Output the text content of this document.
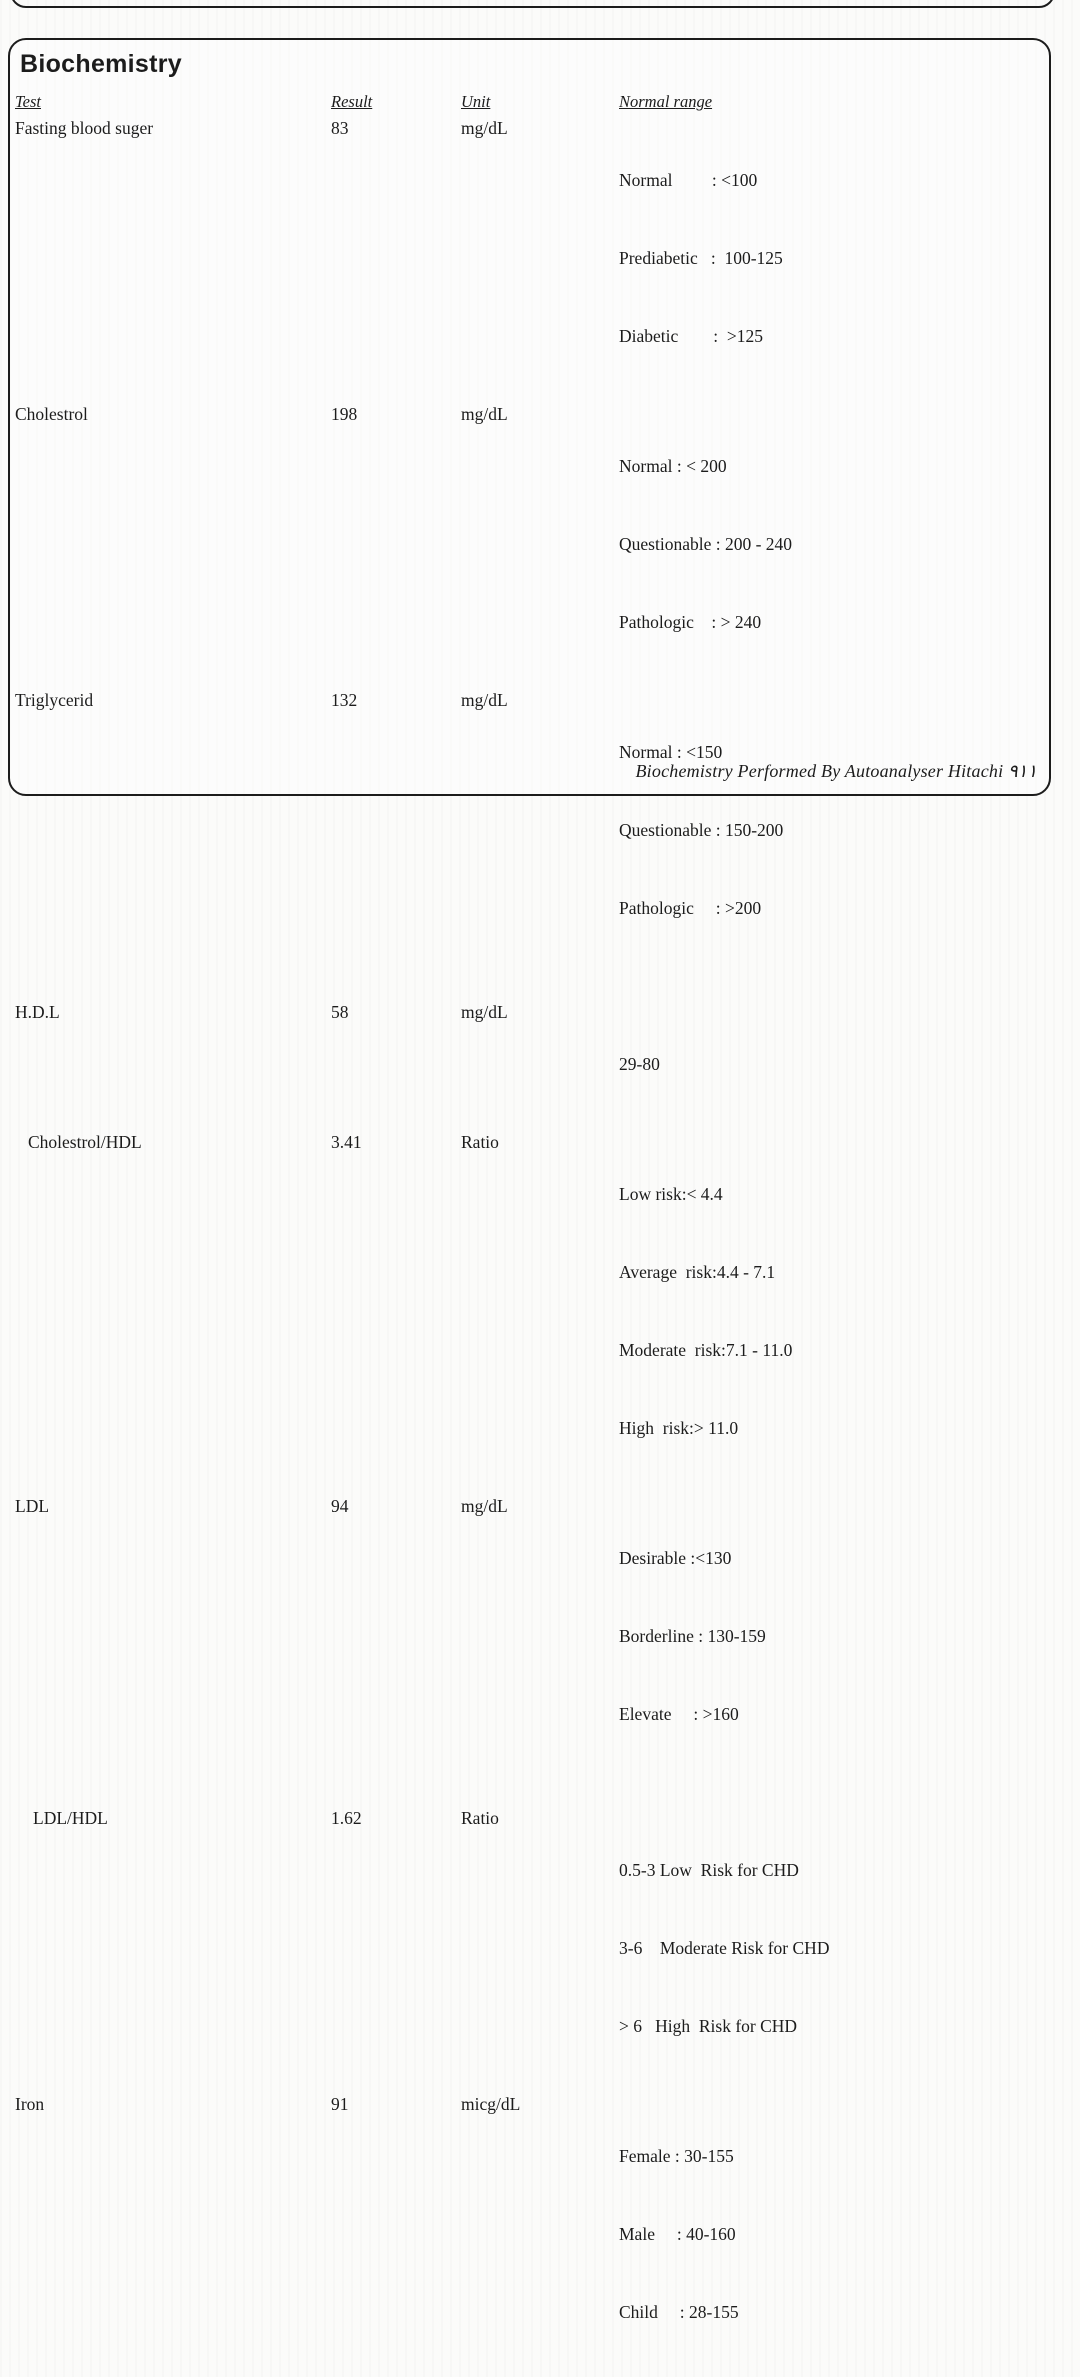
Biochemistry
Test	Result	Unit	Normal range
Fasting blood suger	83	mg/dL

Normal         : <100

Prediabetic   :  100-125

Diabetic        :  >125

Cholestrol	198	mg/dL

Normal : < 200

Questionable : 200 - 240

Pathologic    : > 240

Triglycerid	132	mg/dL

Normal : <150

Questionable : 150-200

Pathologic     : >200

H.D.L	58	mg/dL

29-80

Cholestrol/HDL	3.41	Ratio

Low risk:< 4.4

Average  risk:4.4 - 7.1

Moderate  risk:7.1 - 11.0

High  risk:> 11.0

LDL	94	mg/dL

Desirable :<130

Borderline : 130-159

Elevate     : >160

LDL/HDL	1.62	Ratio

0.5-3 Low  Risk for CHD

3-6    Moderate Risk for CHD

> 6   High  Risk for CHD

Iron	91	micg/dL

Female : 30-155

Male     : 40-160

Child     : 28-155

Biochemistry Performed By Autoanalyser Hitachi ٩١١
